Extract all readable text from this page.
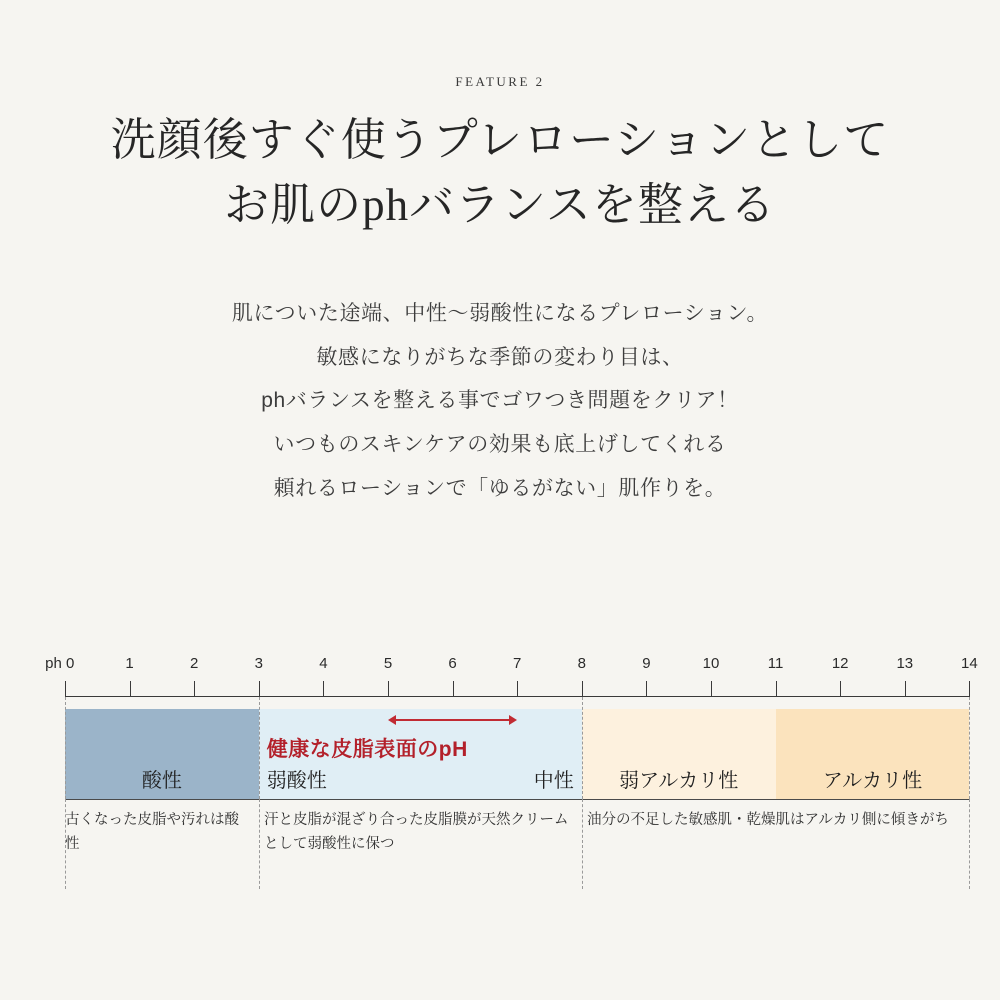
FEATURE 2
洗顔後すぐ使うプレローションとして
お肌のphバランスを整える
肌についた途端、中性〜弱酸性になるプレローション。
敏感になりがちな季節の変わり目は、
phバランスを整える事でゴワつき問題をクリア！
いつものスキンケアの効果も底上げしてくれる
頼れるローションで「ゆるがない」肌作りを。
ph 0	1	2	3	4	5	6	7	8	9	10	11	12	13	14
酸性
健康な皮脂表面のpH
弱酸性	中性 弱アルカリ性	アルカリ性
古くなった皮脂や汚れは酸性
汗と皮脂が混ざり合った皮脂膜が天然クリームとして弱酸性に保つ
油分の不足した敏感肌・乾燥肌はアルカリ側に傾きがち
